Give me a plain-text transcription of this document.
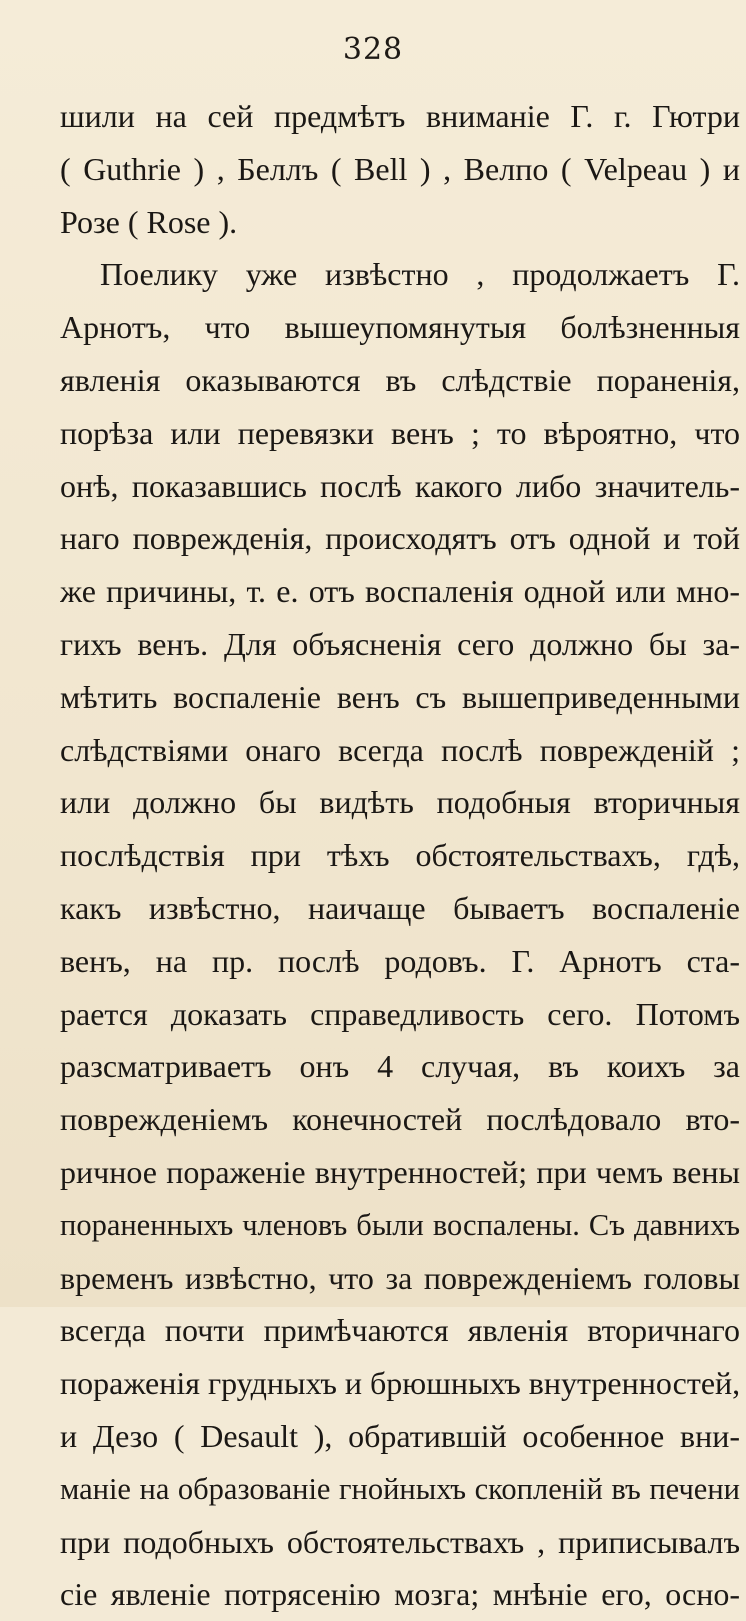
328
шили на сей предмѣтъ вниманіе Г. г. Гютри
( Guthrie ) , Беллъ ( Bell ) , Велпо ( Velpeau ) и
Розе ( Rose ).
Поелику уже извѣстно , продолжаетъ Г.
Арнотъ, что вышеупомянутыя болѣзненныя
явленія оказываются въ слѣдствіе пораненія,
порѣза или перевязки венъ ; то вѣроятно, что
онѣ, показавшись послѣ какого либо значитель-
наго поврежденія, происходятъ отъ одной и той
же причины, т. е. отъ воспаленія одной или мно-
гихъ венъ. Для объясненія сего должно бы за-
мѣтить воспаленіе венъ съ вышеприведенными
слѣдствіями онаго всегда послѣ поврежденій ;
или должно бы видѣть подобныя вторичныя
послѣдствія при тѣхъ обстоятельствахъ, гдѣ,
какъ извѣстно, наичаще бываетъ воспаленіе
венъ, на пр. послѣ родовъ. Г. Арнотъ ста-
рается доказать справедливость сего. Потомъ
разсматриваетъ онъ 4 случая, въ коихъ за
поврежденіемъ конечностей послѣдовало вто-
ричное пораженіе внутренностей; при чемъ вены
пораненныхъ членовъ были воспалены. Съ давнихъ
временъ извѣстно, что за поврежденіемъ головы
всегда почти примѣчаются явленія вторичнаго
пораженія грудныхъ и брюшныхъ внутренностей,
и Дезо ( Desault ), обратившій особенное вни-
маніе на образованіе гнойныхъ скопленій въ печени
при подобныхъ обстоятельствахъ , приписывалъ
сіе явленіе потрясенію мозга; мнѣніе его, осно-
